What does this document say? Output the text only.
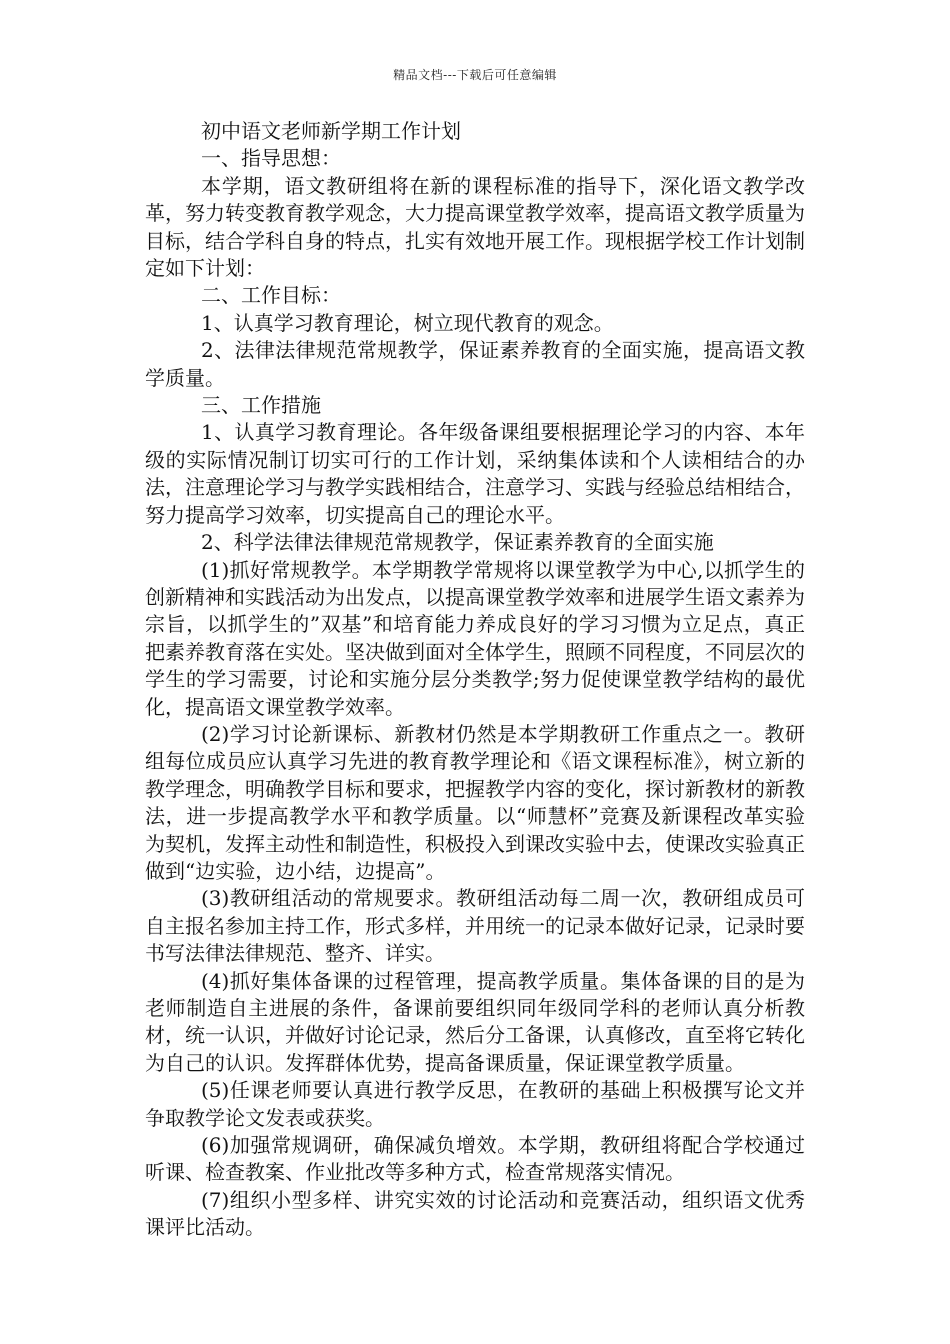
精品文档---下载后可任意编辑

初中语文老师新学期工作计划

一、指导思想：

本学期，语文教研组将在新的课程标准的指导下，深化语文教学改革，努力转变教育教学观念，大力提高课堂教学效率，提高语文教学质量为目标，结合学科自身的特点，扎实有效地开展工作。现根据学校工作计划制定如下计划：

二、工作目标：

1、认真学习教育理论，树立现代教育的观念。

2、法律法律规范常规教学，保证素养教育的全面实施，提高语文教学质量。

三、工作措施

1、认真学习教育理论。各年级备课组要根据理论学习的内容、本年级的实际情况制订切实可行的工作计划，采纳集体读和个人读相结合的办法，注意理论学习与教学实践相结合，注意学习、实践与经验总结相结合，努力提高学习效率，切实提高自己的理论水平。

2、科学法律法律规范常规教学，保证素养教育的全面实施

(1)抓好常规教学。本学期教学常规将以课堂教学为中心,以抓学生的创新精神和实践活动为出发点，以提高课堂教学效率和进展学生语文素养为宗旨，以抓学生的”双基”和培育能力养成良好的学习习惯为立足点，真正把素养教育落在实处。坚决做到面对全体学生，照顾不同程度，不同层次的学生的学习需要，讨论和实施分层分类教学;努力促使课堂教学结构的最优化，提高语文课堂教学效率。

(2)学习讨论新课标、新教材仍然是本学期教研工作重点之一。教研组每位成员应认真学习先进的教育教学理论和《语文课程标准》，树立新的教学理念，明确教学目标和要求，把握教学内容的变化，探讨新教材的新教法，进一步提高教学水平和教学质量。以“师慧杯”竞赛及新课程改革实验为契机，发挥主动性和制造性，积极投入到课改实验中去，使课改实验真正做到“边实验，边小结，边提高”。

(3)教研组活动的常规要求。教研组活动每二周一次，教研组成员可自主报名参加主持工作，形式多样，并用统一的记录本做好记录，记录时要书写法律法律规范、整齐、详实。

(4)抓好集体备课的过程管理，提高教学质量。集体备课的目的是为老师制造自主进展的条件，备课前要组织同年级同学科的老师认真分析教材，统一认识，并做好讨论记录，然后分工备课，认真修改，直至将它转化为自己的认识。发挥群体优势，提高备课质量，保证课堂教学质量。

(5)任课老师要认真进行教学反思，在教研的基础上积极撰写论文并争取教学论文发表或获奖。

(6)加强常规调研，确保减负增效。本学期，教研组将配合学校通过听课、检查教案、作业批改等多种方式，检查常规落实情况。

(7)组织小型多样、讲究实效的讨论活动和竞赛活动，组织语文优秀课评比活动。
